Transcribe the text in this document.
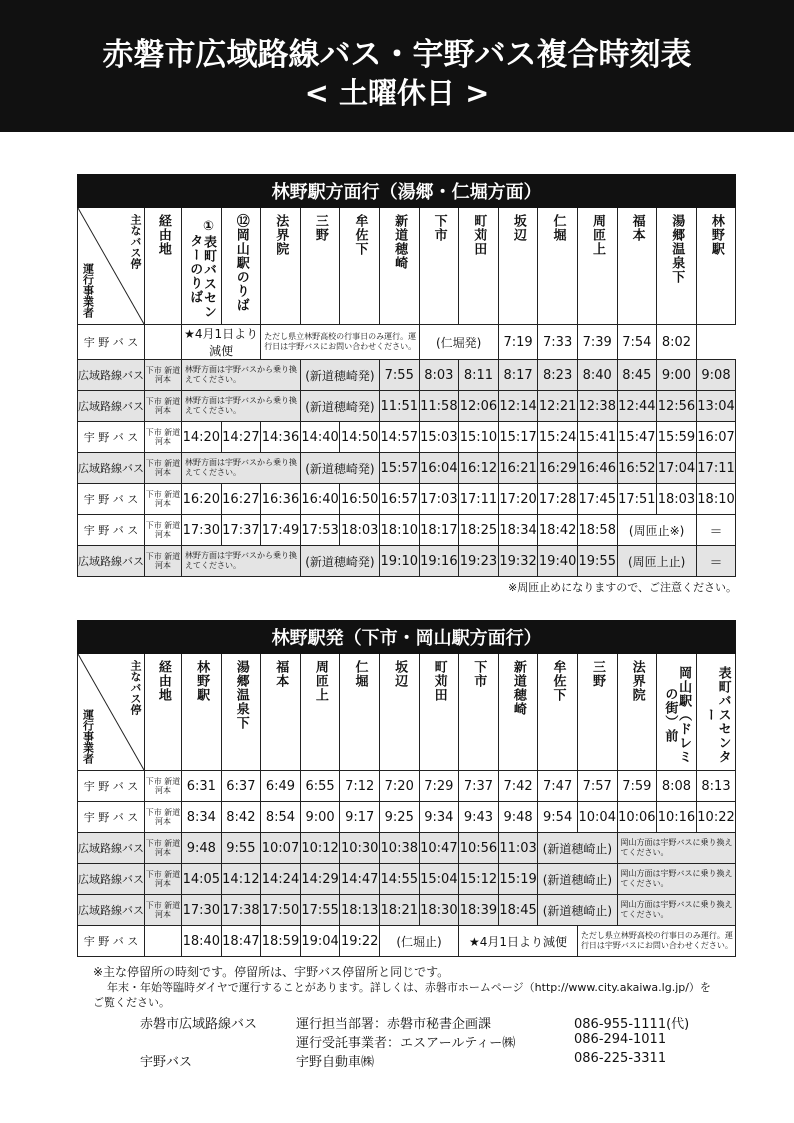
赤磐市広域路線バス・宇野バス複合時刻表
< 土曜休日 >
林野駅方面行（湯郷・仁堀方面）															

主なバス停
運行事業者	経由地	①表町バスセンターのりば	⑫岡山駅のりば	法界院	三野	牟佐下	新道穂崎	下市	町苅田	坂辺	仁堀	周匝上	福本	湯郷温泉下	林野駅

宇 野 バ ス		★4月1日より減便		ただし県立林野高校の行事日のみ運行。運行日は宇野バスにお問い合わせください。				(仁堀発)		7:19	7:33	7:39	7:54	8:02	
広域路線バス	下市 新道河本	林野方面は宇野バスから乗り換えてください。			(新道穂崎発)		7:55	8:03	8:11	8:17	8:23	8:40	8:45	9:00	9:08
広域路線バス	下市 新道河本	林野方面は宇野バスから乗り換えてください。			(新道穂崎発)		11:51	11:58	12:06	12:14	12:21	12:38	12:44	12:56	13:04
宇 野 バ ス	下市 新道河本	14:20	14:27	14:36	14:40	14:50	14:57	15:03	15:10	15:17	15:24	15:41	15:47	15:59	16:07
広域路線バス	下市 新道河本	林野方面は宇野バスから乗り換えてください。			(新道穂崎発)		15:57	16:04	16:12	16:21	16:29	16:46	16:52	17:04	17:11
宇 野 バ ス	下市 新道河本	16:20	16:27	16:36	16:40	16:50	16:57	17:03	17:11	17:20	17:28	17:45	17:51	18:03	18:10
宇 野 バ ス	下市 新道河本	17:30	17:37	17:49	17:53	18:03	18:10	18:17	18:25	18:34	18:42	18:58	(周匝止※)		＝
広域路線バス	下市 新道河本	林野方面は宇野バスから乗り換えてください。			(新道穂崎発)		19:10	19:16	19:23	19:32	19:40	19:55	(周匝上止)		＝
※周匝止めになりますので、ご注意ください。
林野駅発（下市・岡山駅方面行）															

主なバス停
運行事業者	経由地	林野駅	湯郷温泉下	福本	周匝上	仁堀	坂辺	町苅田	下市	新道穂崎	牟佐下	三野	法界院	岡山駅（ドレミの街）前	表町バスセンター

宇 野 バ ス	下市 新道河本	6:31	6:37	6:49	6:55	7:12	7:20	7:29	7:37	7:42	7:47	7:57	7:59	8:08	8:13
宇 野 バ ス	下市 新道河本	8:34	8:42	8:54	9:00	9:17	9:25	9:34	9:43	9:48	9:54	10:04	10:06	10:16	10:22
広域路線バス	下市 新道河本	9:48	9:55	10:07	10:12	10:30	10:38	10:47	10:56	11:03	(新道穂崎止)		岡山方面は宇野バスに乗り換えてください。		
広域路線バス	下市 新道河本	14:05	14:12	14:24	14:29	14:47	14:55	15:04	15:12	15:19	(新道穂崎止)		岡山方面は宇野バスに乗り換えてください。		
広域路線バス	下市 新道河本	17:30	17:38	17:50	17:55	18:13	18:21	18:30	18:39	18:45	(新道穂崎止)		岡山方面は宇野バスに乗り換えてください。		
宇 野 バ ス		18:40	18:47	18:59	19:04	19:22	(仁堀止)		★4月1日より減便			ただし県立林野高校の行事日のみ運行。運行日は宇野バスにお問い合わせください。			
※主な停留所の時刻です。停留所は、宇野バス停留所と同じです。
年末・年始等臨時ダイヤで運行することがあります。詳しくは、赤磐市ホームページ（http://www.city.akaiwa.lg.jp/）を
ご覧ください。
赤磐市広域路線バス	運行担当部署：赤磐市秘書企画課	086-955-1111(代)
運行受託事業者：エスアールティー㈱	086-294-1011
宇野バス	宇野自動車㈱	086-225-3311
